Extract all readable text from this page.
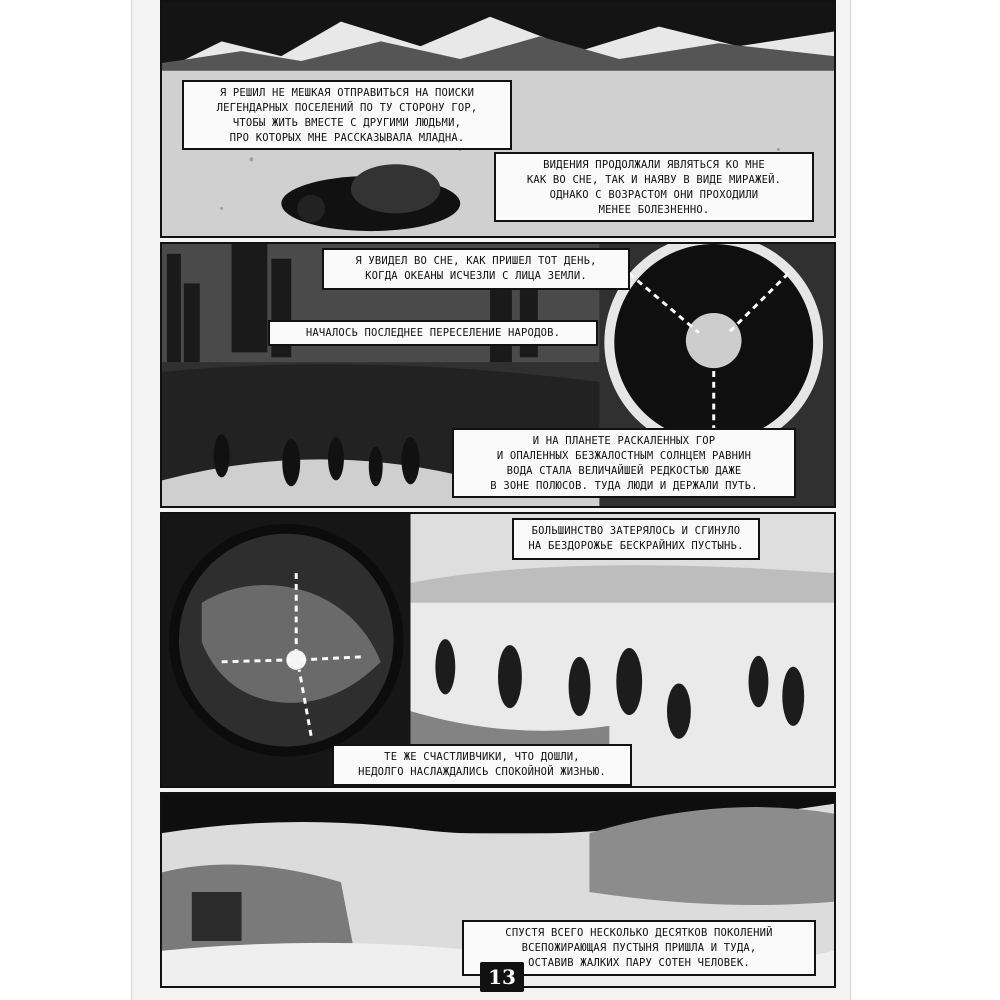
Я РЕШИЛ НЕ МЕШКАЯ ОТПРАВИТЬСЯ НА ПОИСКИ
ЛЕГЕНДАРНЫХ ПОСЕЛЕНИЙ ПО ТУ СТОРОНУ ГОР,
ЧТОБЫ ЖИТЬ ВМЕСТЕ С ДРУГИМИ ЛЮДЬМИ,
ПРО КОТОРЫХ МНЕ РАССКАЗЫВАЛА МЛАДНА.
ВИДЕНИЯ ПРОДОЛЖАЛИ ЯВЛЯТЬСЯ КО МНЕ
КАК ВО СНЕ, ТАК И НАЯВУ В ВИДЕ МИРАЖЕЙ.
ОДНАКО С ВОЗРАСТОМ ОНИ ПРОХОДИЛИ
МЕНЕЕ БОЛЕЗНЕННО.
Я УВИДЕЛ ВО СНЕ, КАК ПРИШЕЛ ТОТ ДЕНЬ,
КОГДА ОКЕАНЫ ИСЧЕЗЛИ С ЛИЦА ЗЕМЛИ.
НАЧАЛОСЬ ПОСЛЕДНЕЕ ПЕРЕСЕЛЕНИЕ НАРОДОВ.
И НА ПЛАНЕТЕ РАСКАЛЕННЫХ ГОР
И ОПАЛЕННЫХ БЕЗЖАЛОСТНЫМ СОЛНЦЕМ РАВНИН
ВОДА СТАЛА ВЕЛИЧАЙШЕЙ РЕДКОСТЬЮ ДАЖЕ
В ЗОНЕ ПОЛЮСОВ. ТУДА ЛЮДИ И ДЕРЖАЛИ ПУТЬ.
БОЛЬШИНСТВО ЗАТЕРЯЛОСЬ И СГИНУЛО
НА БЕЗДОРОЖЬЕ БЕСКРАЙНИХ ПУСТЫНЬ.
ТЕ ЖЕ СЧАСТЛИВЧИКИ, ЧТО ДОШЛИ,
НЕДОЛГО НАСЛАЖДАЛИСЬ СПОКОЙНОЙ ЖИЗНЬЮ.
СПУСТЯ ВСЕГО НЕСКОЛЬКО ДЕСЯТКОВ ПОКОЛЕНИЙ
ВСЕПОЖИРАЮЩАЯ ПУСТЫНЯ ПРИШЛА И ТУДА,
ОСТАВИВ ЖАЛКИХ ПАРУ СОТЕН ЧЕЛОВЕК.
13
